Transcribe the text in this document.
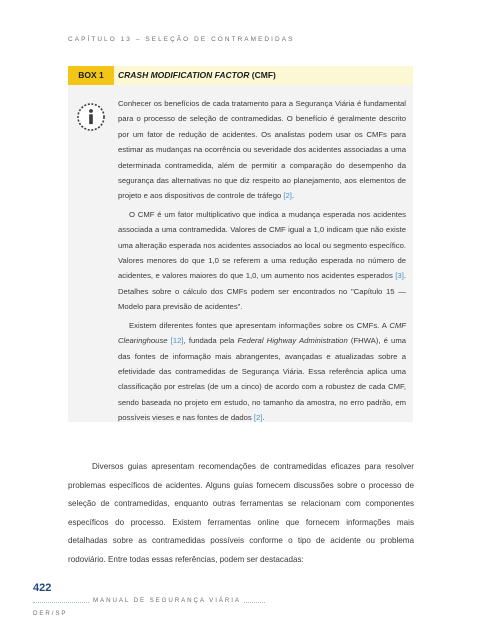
CAPÍTULO 13 – SELEÇÃO DE CONTRAMEDIDAS
BOX 1	CRASH MODIFICATION FACTOR (CMF)

Conhecer os benefícios de cada tratamento para a Segurança Viária é fundamental para o processo de seleção de contramedidas. O benefício é geralmente descrito por um fator de redução de acidentes. Os analistas podem usar os CMFs para estimar as mudanças na ocorrência ou severidade dos acidentes associadas a uma determinada contramedida, além de permitir a comparação do desempenho da segurança das alternativas no que diz respeito ao planejamento, aos elementos de projeto e aos dispositivos de controle de tráfego [2].

O CMF é um fator multiplicativo que indica a mudança esperada nos acidentes associada a uma contramedida. Valores de CMF igual a 1,0 indicam que não existe uma alteração esperada nos acidentes associados ao local ou segmento específico. Valores menores do que 1,0 se referem a uma redução esperada no número de acidentes, e valores maiores do que 1,0, um aumento nos acidentes esperados [3]. Detalhes sobre o cálculo dos CMFs podem ser encontrados no "Capítulo 15 — Modelo para previsão de acidentes".

Existem diferentes fontes que apresentam informações sobre os CMFs. A CMF Clearinghouse [12], fundada pela Federal Highway Administration (FHWA), é uma das fontes de informação mais abrangentes, avançadas e atualizadas sobre a efetividade das contramedidas de Segurança Viária. Essa referência aplica uma classificação por estrelas (de um a cinco) de acordo com a robustez de cada CMF, sendo baseada no projeto em estudo, no tamanho da amostra, no erro padrão, em possíveis vieses e nas fontes de dados [2].

Diversos guias apresentam recomendações de contramedidas eficazes para resolver problemas específicos de acidentes. Alguns guias fornecem discussões sobre o processo de seleção de contramedidas, enquanto outras ferramentas se relacionam com componentes específicos do processo. Existem ferramentas online que fornecem informações mais detalhadas sobre as contramedidas possíveis conforme o tipo de acidente ou problema rodoviário. Entre todas essas referências, podem ser destacadas:

422
MANUAL DE SEGURANÇA VIÁRIA
DER/SP
